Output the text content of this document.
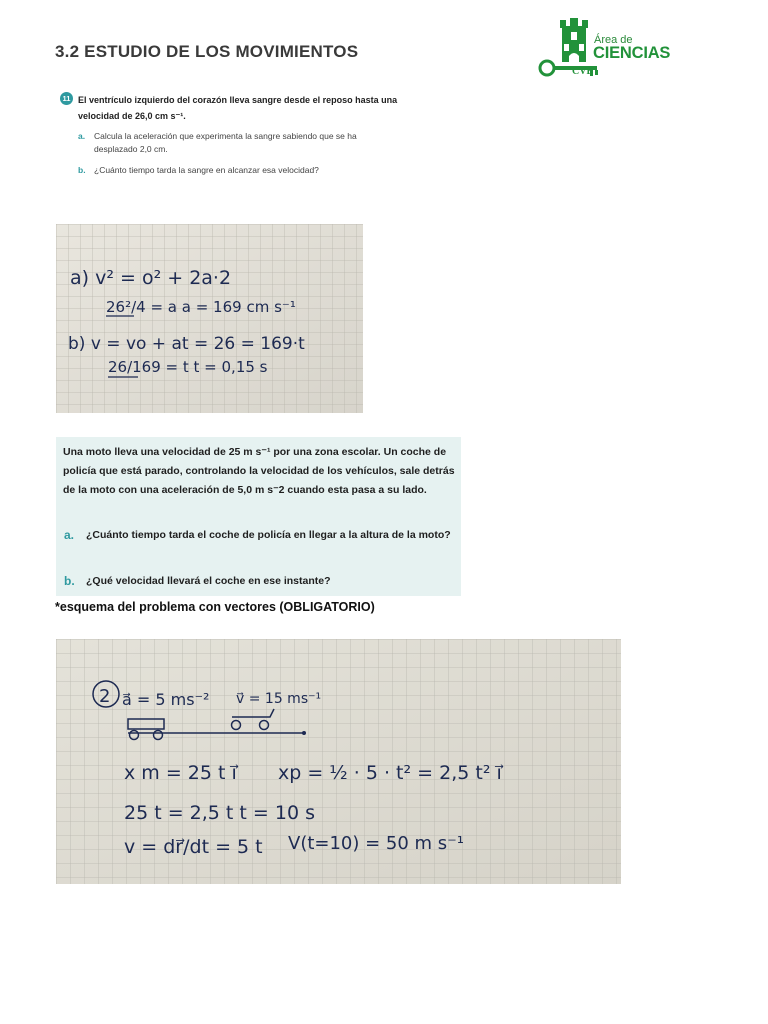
3.2 ESTUDIO DE LOS MOVIMIENTOS
Área de
CIENCIAS
CVE
11 El ventrículo izquierdo del corazón lleva sangre desde el reposo hasta una velocidad de 26,0 cm s⁻¹.
a. Calcula la aceleración que experimenta la sangre sabiendo que se ha desplazado 2,0 cm.
b. ¿Cuánto tiempo tarda la sangre en alcanzar esa velocidad?
a) v² = o² + 2a·2
26²/4 = a a = 169 cm s⁻¹
b) v = vo + at = 26 = 169·t
26/169 = t t = 0,15 s
Una moto lleva una velocidad de 25 m s⁻¹ por una zona escolar. Un coche de policía que está parado, controlando la velocidad de los vehículos, sale detrás de la moto con una aceleración de 5,0 m s⁻2 cuando esta pasa a su lado.
a. ¿Cuánto tiempo tarda el coche de policía en llegar a la altura de la moto?
b. ¿Qué velocidad llevará el coche en ese instante?
*esquema del problema con vectores (OBLIGATORIO)
2 a⃗ = 5 ms⁻² v⃗ = 15 ms⁻¹
x m = 25 t i⃗ xp = ½ · 5 · t² = 2,5 t² i⃗
25 t = 2,5 t t = 10 s
v = dr⃗/dt = 5 t V(t=10) = 50 m s⁻¹
